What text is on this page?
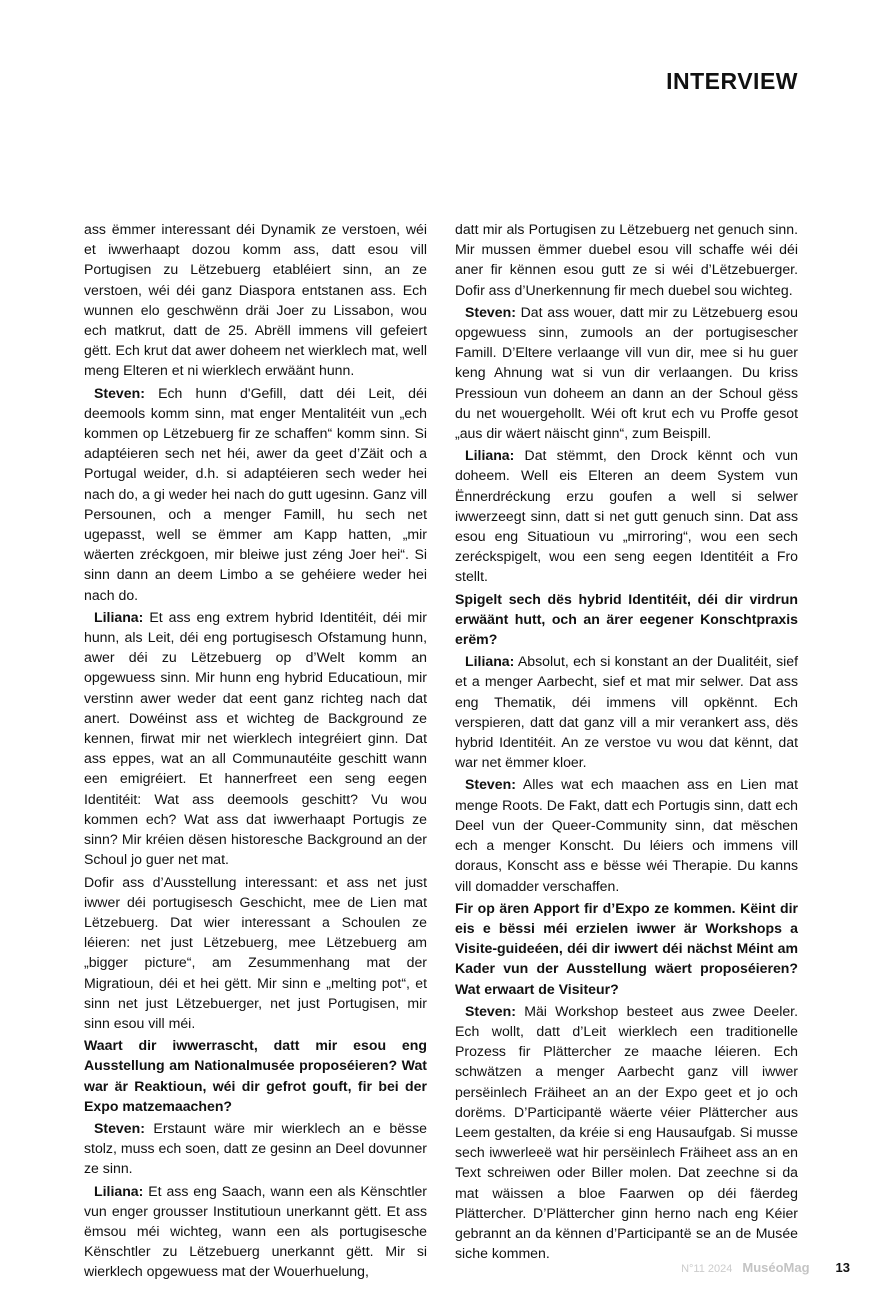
INTERVIEW

ass ëmmer interessant déi Dynamik ze verstoen, wéi et iwwerhaapt dozou komm ass, datt esou vill Portugisen zu Lëtzebuerg etabléiert sinn, an ze verstoen, wéi déi ganz Diaspora entstanen ass. Ech wunnen elo geschwënn dräi Joer zu Lissabon, wou ech matkrut, datt de 25. Abrëll immens vill gefeiert gëtt. Ech krut dat awer doheem net wierklech mat, well meng Elteren et ni wierklech erwäänt hunn.

Steven: Ech hunn d'Gefill, datt déi Leit, déi deemools komm sinn, mat enger Mentalitéit vun „ech kommen op Lëtzebuerg fir ze schaffen“ komm sinn. Si adaptéieren sech net héi, awer da geet d’Zäit och a Portugal weider, d.h. si adaptéieren sech weder hei nach do, a gi weder hei nach do gutt ugesinn. Ganz vill Persounen, och a menger Famill, hu sech net ugepasst, well se ëmmer am Kapp hatten, „mir wäerten zréckgoen, mir bleiwe just zéng Joer hei“. Si sinn dann an deem Limbo a se gehéiere weder hei nach do.

Liliana: Et ass eng extrem hybrid Identitéit, déi mir hunn, als Leit, déi eng portugisesch Ofstamung hunn, awer déi zu Lëtzebuerg op d’Welt komm an opgewuess sinn. Mir hunn eng hybrid Educatioun, mir verstinn awer weder dat eent ganz richteg nach dat anert. Dowéinst ass et wichteg de Background ze kennen, firwat mir net wierklech integréiert ginn. Dat ass eppes, wat an all Communautéite geschitt wann een emigréiert. Et hannerfreet een seng eegen Identitéit: Wat ass deemools geschitt? Vu wou kommen ech? Wat ass dat iwwerhaapt Portugis ze sinn? Mir kréien dësen historesche Background an der Schoul jo guer net mat.

Dofir ass d’Ausstellung interessant: et ass net just iwwer déi portugisesch Geschicht, mee de Lien mat Lëtzebuerg. Dat wier interessant a Schoulen ze léieren: net just Lëtzebuerg, mee Lëtzebuerg am „bigger picture“, am Zesummenhang mat der Migratioun, déi et hei gëtt. Mir sinn e „melting pot“, et sinn net just Lëtzebuerger, net just Portugisen, mir sinn esou vill méi.

Waart dir iwwerrascht, datt mir esou eng Ausstellung am Nationalmusée proposéieren? Wat war är Reaktioun, wéi dir gefrot gouft, fir bei der Expo matzemaachen?

Steven: Erstaunt wäre mir wierklech an e bësse stolz, muss ech soen, datt ze gesinn an Deel dovunner ze sinn.

Liliana: Et ass eng Saach, wann een als Kënschtler vun enger grousser Institutioun unerkannt gëtt. Et ass ëmsou méi wichteg, wann een als portugisesche Kënschtler zu Lëtzebuerg unerkannt gëtt. Mir si wierklech opgewuess mat der Wouerhuelung,

datt mir als Portugisen zu Lëtzebuerg net genuch sinn. Mir mussen ëmmer duebel esou vill schaffe wéi déi aner fir kënnen esou gutt ze si wéi d’Lëtzebuerger. Dofir ass d’Unerkennung fir mech duebel sou wichteg.

Steven: Dat ass wouer, datt mir zu Lëtzebuerg esou opgewuess sinn, zumools an der portugisescher Famill. D’Eltere verlaange vill vun dir, mee si hu guer keng Ahnung wat si vun dir verlaangen. Du kriss Pressioun vun doheem an dann an der Schoul gëss du net wouergehollt. Wéi oft krut ech vu Proffe gesot „aus dir wäert näischt ginn“, zum Beispill.

Liliana: Dat stëmmt, den Drock kënnt och vun doheem. Well eis Elteren an deem System vun Ënnerdréckung erzu goufen a well si selwer iwwerzeegt sinn, datt si net gutt genuch sinn. Dat ass esou eng Situatioun vu „mirroring“, wou een sech zeréckspigelt, wou een seng eegen Identitéit a Fro stellt.

Spigelt sech dës hybrid Identitéit, déi dir virdrun erwäänt hutt, och an ärer eegener Konschtpraxis erëm?

Liliana: Absolut, ech si konstant an der Dualitéit, sief et a menger Aarbecht, sief et mat mir selwer. Dat ass eng Thematik, déi immens vill opkënnt. Ech verspieren, datt dat ganz vill a mir verankert ass, dës hybrid Identitéit. An ze verstoe vu wou dat kënnt, dat war net ëmmer kloer.

Steven: Alles wat ech maachen ass en Lien mat menge Roots. De Fakt, datt ech Portugis sinn, datt ech Deel vun der Queer-Community sinn, dat mëschen ech a menger Konscht. Du léiers och immens vill doraus, Konscht ass e bësse wéi Therapie. Du kanns vill domadder verschaffen.

Fir op ären Apport fir d’Expo ze kommen. Këint dir eis e bëssi méi erzielen iwwer är Workshops a Visite-guideéen, déi dir iwwert déi nächst Méint am Kader vun der Ausstellung wäert proposéieren? Wat erwaart de Visiteur?

Steven: Mäi Workshop besteet aus zwee Deeler. Ech wollt, datt d’Leit wierklech een traditionelle Prozess fir Plättercher ze maache léieren. Ech schwätzen a menger Aarbecht ganz vill iwwer persëinlech Fräiheet an an der Expo geet et jo och dorëms. D’Participantë wäerte véier Plättercher aus Leem gestalten, da kréie si eng Hausaufgab. Si musse sech iwwerleeë wat hir persëinlech Fräiheet ass an en Text schreiwen oder Biller molen. Dat zeechne si da mat wäissen a bloe Faarwen op déi fäerdeg Plättercher. D’Plättercher ginn herno nach eng Kéier gebrannt an da kënnen d’Participantë se an de Musée siche kommen.

N°11 2024 MuséoMag 13
